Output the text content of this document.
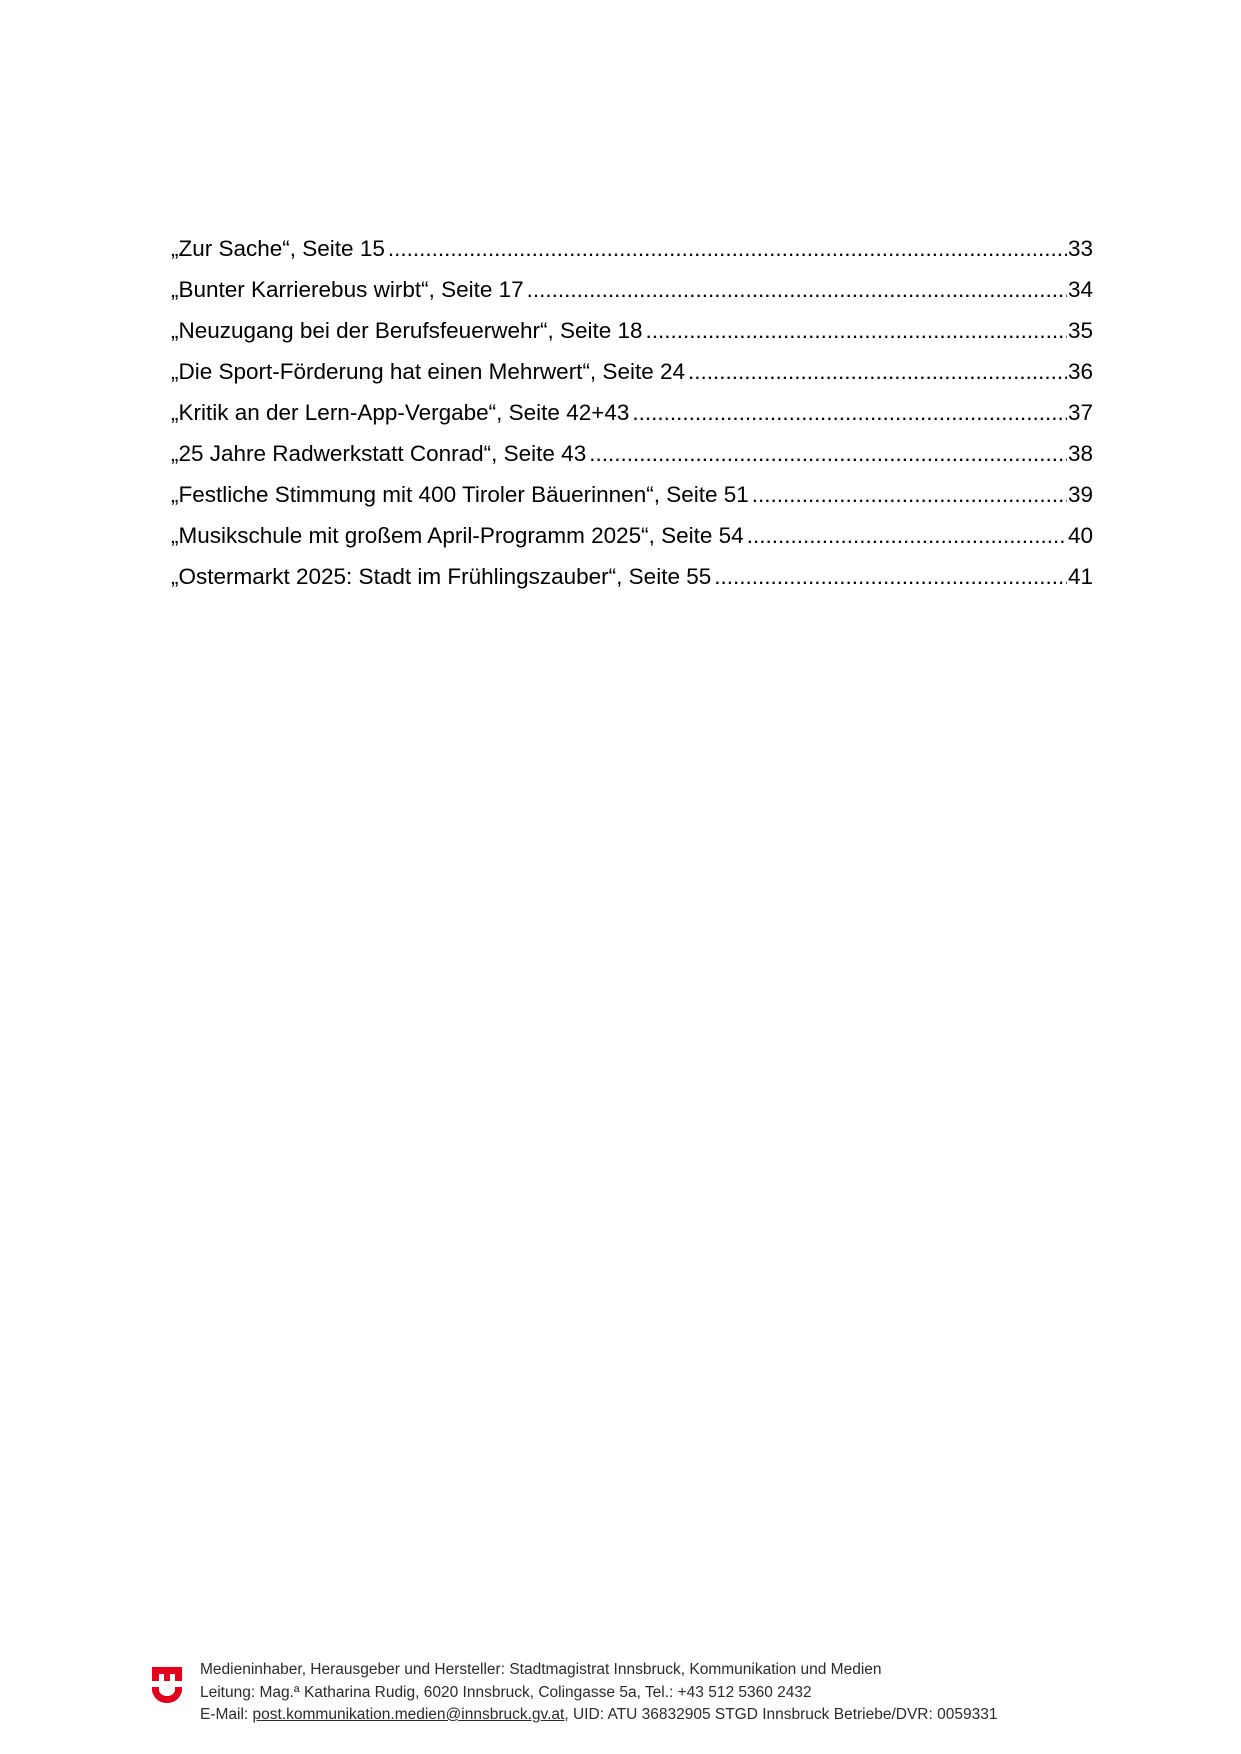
„Zur Sache“, Seite 15 .....	33
„Bunter Karrierebus wirbt“, Seite 17 .....	34
„Neuzugang bei der Berufsfeuerwehr“, Seite 18 .....	35
„Die Sport-Förderung hat einen Mehrwert“, Seite 24 .....	36
„Kritik an der Lern-App-Vergabe“, Seite 42+43 .....	37
„25 Jahre Radwerkstatt Conrad“, Seite 43 .....	38
„Festliche Stimmung mit 400 Tiroler Bäuerinnen“, Seite 51 .....	39
„Musikschule mit großem April-Programm 2025“, Seite 54 .....	40
„Ostermarkt 2025: Stadt im Frühlingszauber“, Seite 55 .....	41
Medieninhaber, Herausgeber und Hersteller: Stadtmagistrat Innsbruck, Kommunikation und Medien
Leitung: Mag.ª Katharina Rudig, 6020 Innsbruck, Colingasse 5a, Tel.: +43 512 5360 2432
E-Mail: post.kommunikation.medien@innsbruck.gv.at, UID: ATU 36832905 STGD Innsbruck Betriebe/DVR: 0059331
